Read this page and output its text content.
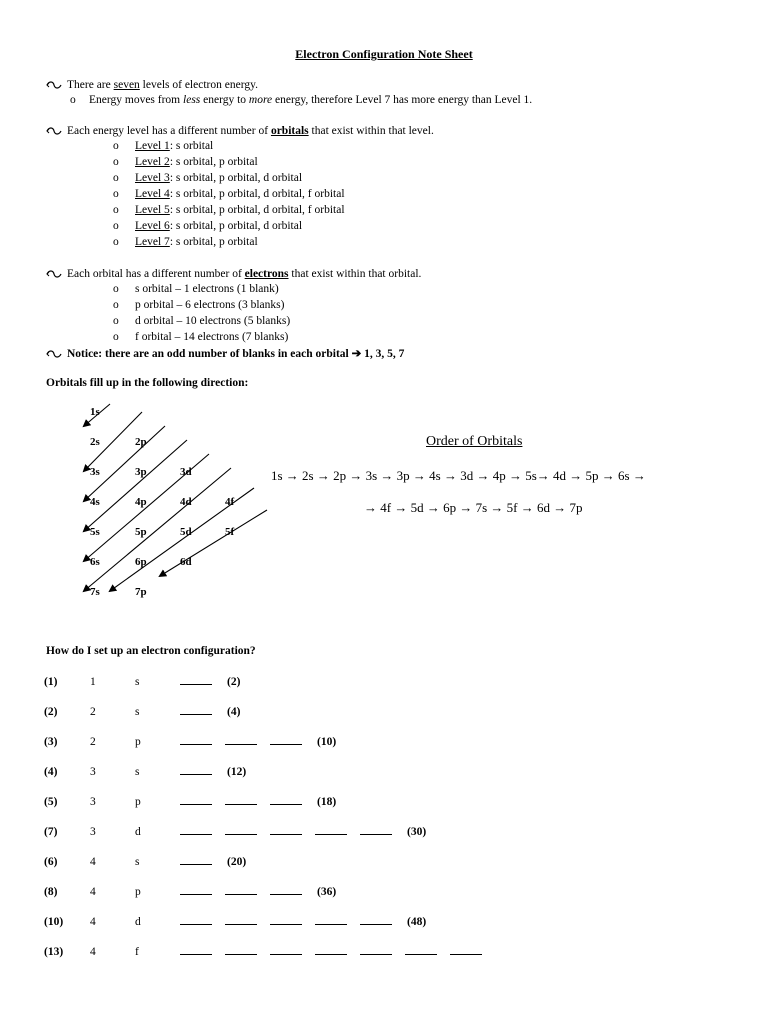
Electron Configuration Note Sheet
There are seven levels of electron energy.
o Energy moves from less energy to more energy, therefore Level 7 has more energy than Level 1.
Each energy level has a different number of orbitals that exist within that level.
o Level 1: s orbital
o Level 2: s orbital, p orbital
o Level 3: s orbital, p orbital, d orbital
o Level 4: s orbital, p orbital, d orbital, f orbital
o Level 5: s orbital, p orbital, d orbital, f orbital
o Level 6: s orbital, p orbital, d orbital
o Level 7: s orbital, p orbital
Each orbital has a different number of electrons that exist within that orbital.
o s orbital – 1 electrons (1 blank)
o p orbital – 6 electrons (3 blanks)
o d orbital – 10 electrons (5 blanks)
o f orbital – 14 electrons (7 blanks)
Notice: there are an odd number of blanks in each orbital ➔ 1, 3, 5, 7
Orbitals fill up in the following direction:
1s
2s	2p
3s	3p	3d
4s	4p	4d	4f
5s	5p	5d	5f
6s	6p	6d
7s	7p
Order of Orbitals
1s → 2s → 2p → 3s → 3p → 4s → 3d → 4p → 5s→ 4d → 5p → 6s →
→ 4f → 5d → 6p → 7s → 5f → 6d → 7p
How do I set up an electron configuration?
(1)	1	s	(2)
(2)	2	s	(4)
(3)	2	p	(10)
(4)	3	s	(12)
(5)	3	p	(18)
(7)	3	d	(30)
(6)	4	s	(20)
(8)	4	p	(36)
(10) 4	d	(48)
(13) 4	f
